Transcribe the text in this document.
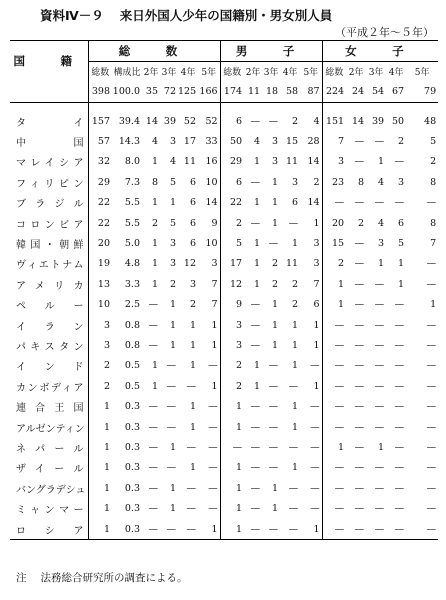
資料Ⅳ－９ 来日外国人少年の国籍別・男女別人員
（平成２年～５年）
国　籍	総　数						男　子					女　子				
	総数	構成比	2年	3年	4年	5年	総数	2年	3年	4年	5年	総数	2年	3年	4年	5年
	398	100.0	35	72	125	166	174	11	18	58	87	224	24	54	67	79

タイ	157	39.4	14	39	52	52	6	—	—	2	4	151	14	39	50	48
中国	57	14.3	4	3	17	33	50	4	3	15	28	7	—	—	2	5
マレイシア	32	8.0	1	4	11	16	29	1	3	11	14	3	—	1	—	2
フィリピン	29	7.3	8	5	6	10	6	—	1	3	2	23	8	4	3	8
ブラジル	22	5.5	1	1	6	14	22	1	1	6	14	—	—	—	—	—
コロンビア	22	5.5	2	5	6	9	2	—	1	—	1	20	2	4	6	8
韓国・朝鮮	20	5.0	1	3	6	10	5	1	—	1	3	15	—	3	5	7
ヴィエトナム	19	4.8	1	3	12	3	17	1	2	11	3	2	—	1	1	—
アメリカ	13	3.3	1	2	3	7	12	1	2	2	7	1	—	—	1	—
ペルー	10	2.5	—	1	2	7	9	—	1	2	6	1	—	—	—	1
イラン	3	0.8	—	1	1	1	3	—	1	1	1	—	—	—	—	—
パキスタン	3	0.8	—	1	1	1	3	—	1	1	1	—	—	—	—	—
インド	2	0.5	1	—	1	—	2	1	—	1	—	—	—	—	—	—
カンボディア	2	0.5	1	—	—	1	2	1	—	—	1	—	—	—	—	—
連合王国	1	0.3	—	—	1	—	1	—	—	1	—	—	—	—	—	—
アルゼンティン	1	0.3	—	—	1	—	1	—	—	1	—	—	—	—	—	—
ネパール	1	0.3	—	1	—	—	—	—	—	—	—	1	—	1	—	—
ザイール	1	0.3	—	—	1	—	1	—	—	1	—	—	—	—	—	—
バングラデシュ	1	0.3	—	1	—	—	1	—	1	—	—	—	—	—	—	—
ミャンマー	1	0.3	—	1	—	—	1	—	1	—	—	—	—	—	—	—
ロシア	1	0.3	—	—	—	1	1	—	—	—	1	—	—	—	—	—
注 法務総合研究所の調査による。
